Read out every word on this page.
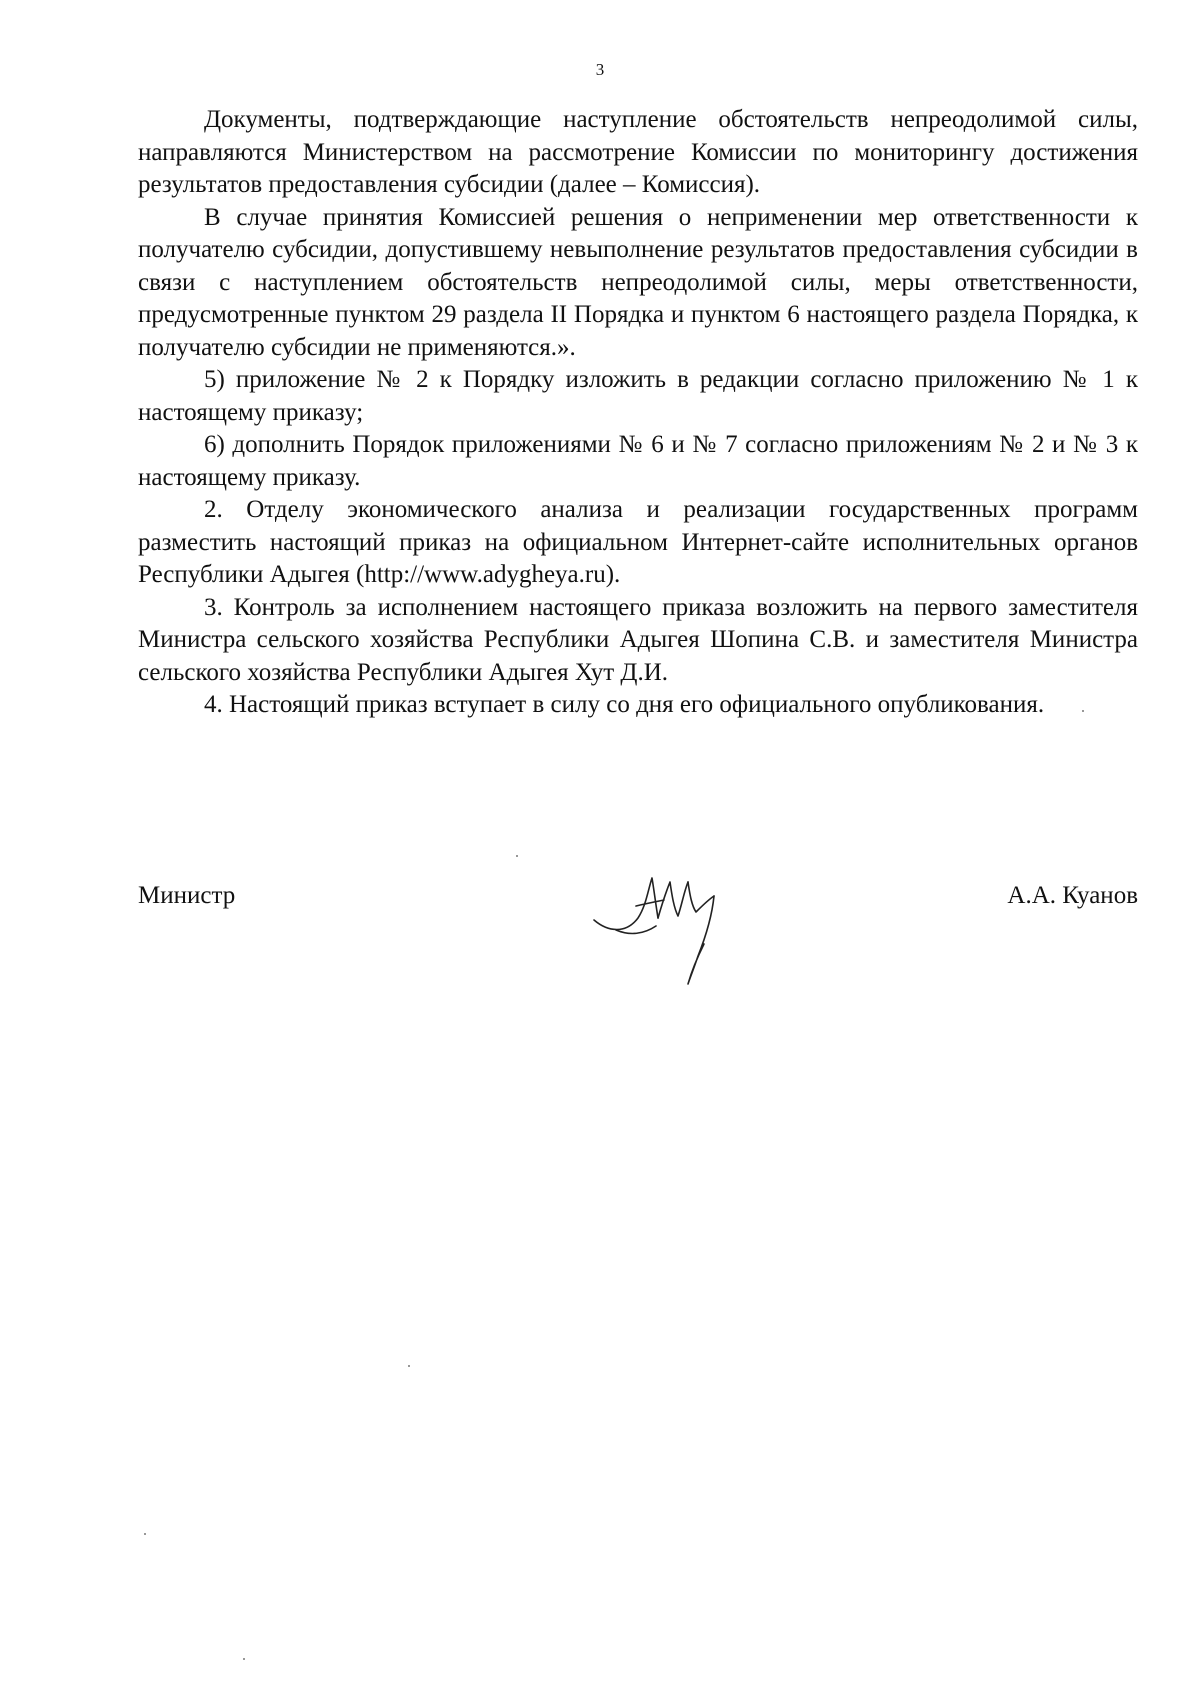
3

Документы, подтверждающие наступление обстоятельств непреодолимой силы, направляются Министерством на рассмотрение Комиссии по мониторингу достижения результатов предоставления субсидии (далее – Комиссия).

В случае принятия Комиссией решения о неприменении мер ответственности к получателю субсидии, допустившему невыполнение результатов предоставления субсидии в связи с наступлением обстоятельств непреодолимой силы, меры ответственности, предусмотренные пунктом 29 раздела II Порядка и пунктом 6 настоящего раздела Порядка, к получателю субсидии не применяются.».

5) приложение № 2 к Порядку изложить в редакции согласно приложению № 1 к настоящему приказу;

6) дополнить Порядок приложениями № 6 и № 7 согласно приложениям № 2 и № 3 к настоящему приказу.

2. Отделу экономического анализа и реализации государственных программ разместить настоящий приказ на официальном Интернет-сайте исполнительных органов Республики Адыгея (http://www.adygheya.ru).

3. Контроль за исполнением настоящего приказа возложить на первого заместителя Министра сельского хозяйства Республики Адыгея Шопина С.В. и заместителя Министра сельского хозяйства Республики Адыгея Хут Д.И.

4. Настоящий приказ вступает в силу со дня его официального опубликования.

Министр	А.А. Куанов
